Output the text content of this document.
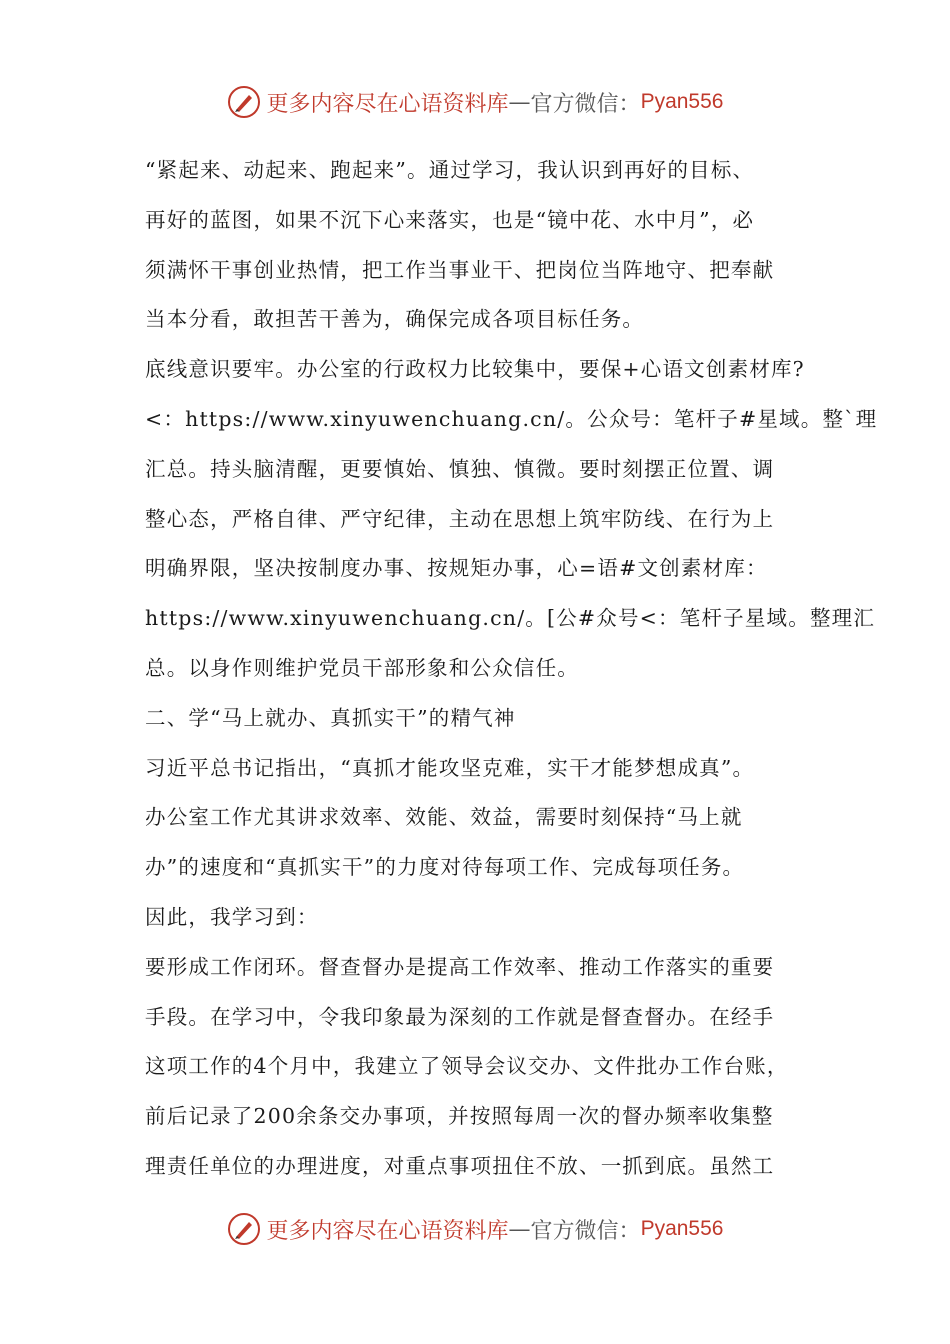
更多内容尽在心语资料库 — 官方微信： Pyan556
“紧起来、动起来、跑起来”。通过学习，我认识到再好的目标、
再好的蓝图，如果不沉下心来落实，也是“镜中花、水中月”，必
须满怀干事创业热情，把工作当事业干、把岗位当阵地守、把奉献
当本分看，敢担苦干善为，确保完成各项目标任务。
底线意识要牢。办公室的行政权力比较集中，要保+心语文创素材库?
<：https://www.xinyuwenchuang.cn/。公众号：笔杆子#星域。整`理
汇总。持头脑清醒，更要慎始、慎独、慎微。要时刻摆正位置、调
整心态，严格自律、严守纪律，主动在思想上筑牢防线、在行为上
明确界限，坚决按制度办事、按规矩办事，心=语#文创素材库：
https://www.xinyuwenchuang.cn/。[公#众号<：笔杆子星域。整理汇
总。以身作则维护党员干部形象和公众信任。
二、学“马上就办、真抓实干”的精气神
习近平总书记指出，“真抓才能攻坚克难，实干才能梦想成真”。
办公室工作尤其讲求效率、效能、效益，需要时刻保持“马上就
办”的速度和“真抓实干”的力度对待每项工作、完成每项任务。
因此，我学习到：
要形成工作闭环。督查督办是提高工作效率、推动工作落实的重要
手段。在学习中，令我印象最为深刻的工作就是督查督办。在经手
这项工作的4个月中，我建立了领导会议交办、文件批办工作台账，
前后记录了200余条交办事项，并按照每周一次的督办频率收集整
理责任单位的办理进度，对重点事项扭住不放、一抓到底。虽然工
更多内容尽在心语资料库 — 官方微信： Pyan556
